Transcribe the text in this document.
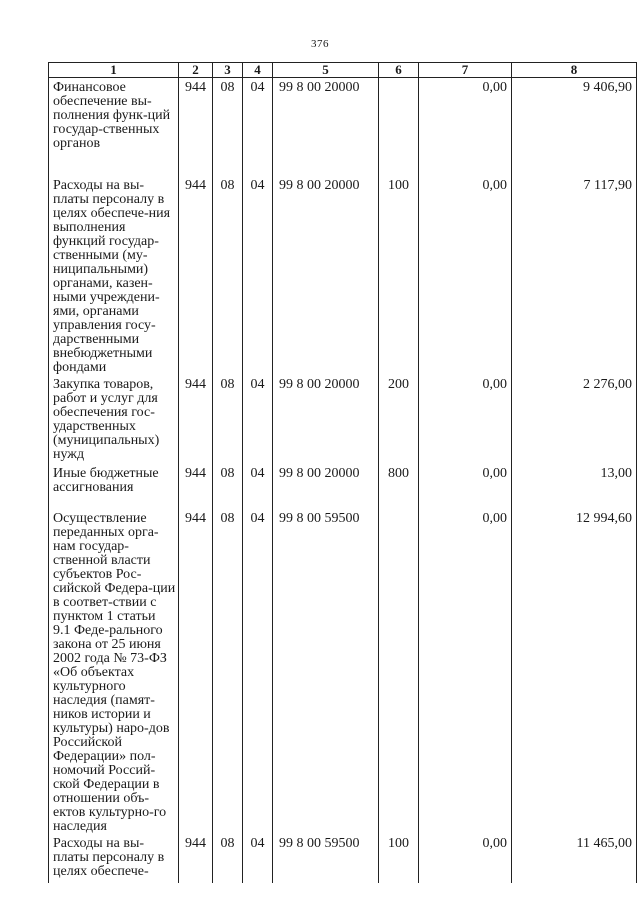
376
1	2	3	4	5	6	7	8
Финансовое обеспечение вы-полнения функ-ций государ-ственных органов	944	08	04	99 8 00 20000		0,00	9 406,90
Расходы на вы-платы персоналу в целях обеспече-ния выполнения функций государ-ственными (му-ниципальными) органами, казен-ными учреждени-ями, органами управления госу-дарственными внебюджетными фондами	944	08	04	99 8 00 20000	100	0,00	7 117,90
Закупка товаров, работ и услуг для обеспечения гос-ударственных (муниципальных) нужд	944	08	04	99 8 00 20000	200	0,00	2 276,00
Иные бюджетные ассигнования	944	08	04	99 8 00 20000	800	0,00	13,00
Осуществление переданных орга-нам государ-ственной власти субъектов Рос-сийской Федера-ции в соответ-ствии с пунктом 1 статьи 9.1 Феде-рального закона от 25 июня 2002 года № 73-ФЗ «Об объектах культурного наследия (памят-ников истории и культуры) наро-дов Российской Федерации» пол-номочий Россий-ской Федерации в отношении объ-ектов культурно-го наследия	944	08	04	99 8 00 59500		0,00	12 994,60
Расходы на вы-платы персоналу в целях обеспече-	944	08	04	99 8 00 59500	100	0,00	11 465,00
